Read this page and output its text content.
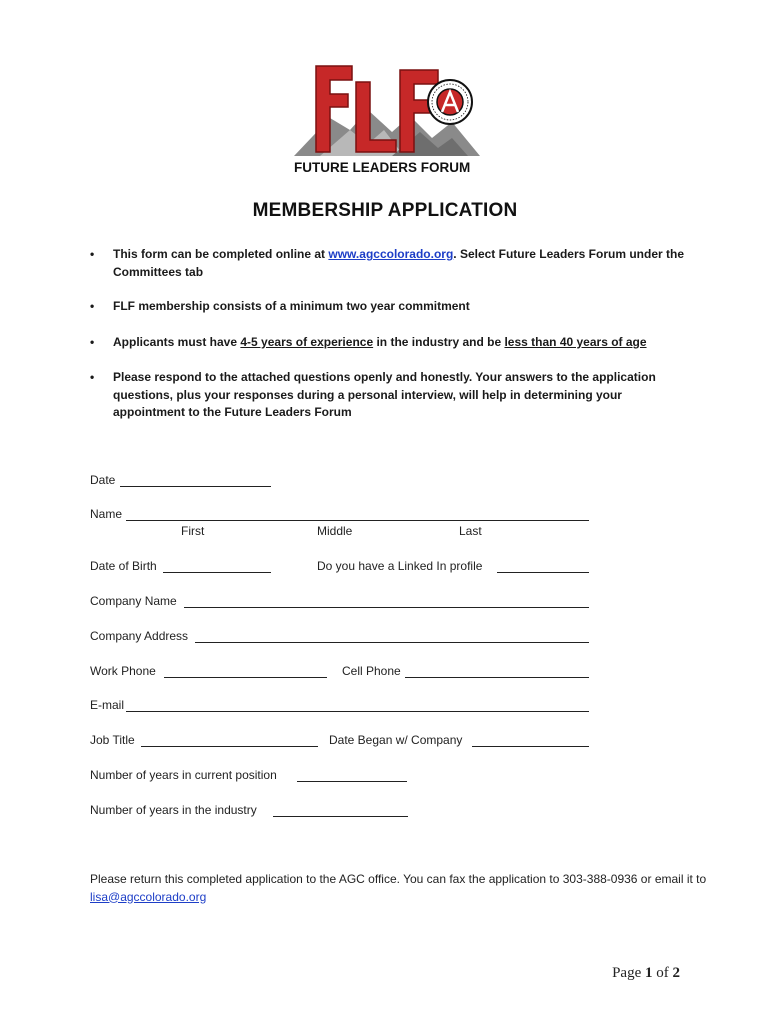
FUTURE LEADERS FORUM
MEMBERSHIP APPLICATION
• This form can be completed online at www.agccolorado.org. Select Future Leaders Forum under the Committees tab
• FLF membership consists of a minimum two year commitment
• Applicants must have 4-5 years of experience in the industry and be less than 40 years of age
• Please respond to the attached questions openly and honestly. Your answers to the application questions, plus your responses during a personal interview, will help in determining your appointment to the Future Leaders Forum
Date
Name
First	Middle	Last
Date of Birth	Do you have a Linked In profile
Company Name
Company Address
Work Phone	Cell Phone
E-mail
Job Title	Date Began w/ Company
Number of years in current position
Number of years in the industry
Please return this completed application to the AGC office. You can fax the application to 303-388-0936 or email it to lisa@agccolorado.org
Page 1 of 2
